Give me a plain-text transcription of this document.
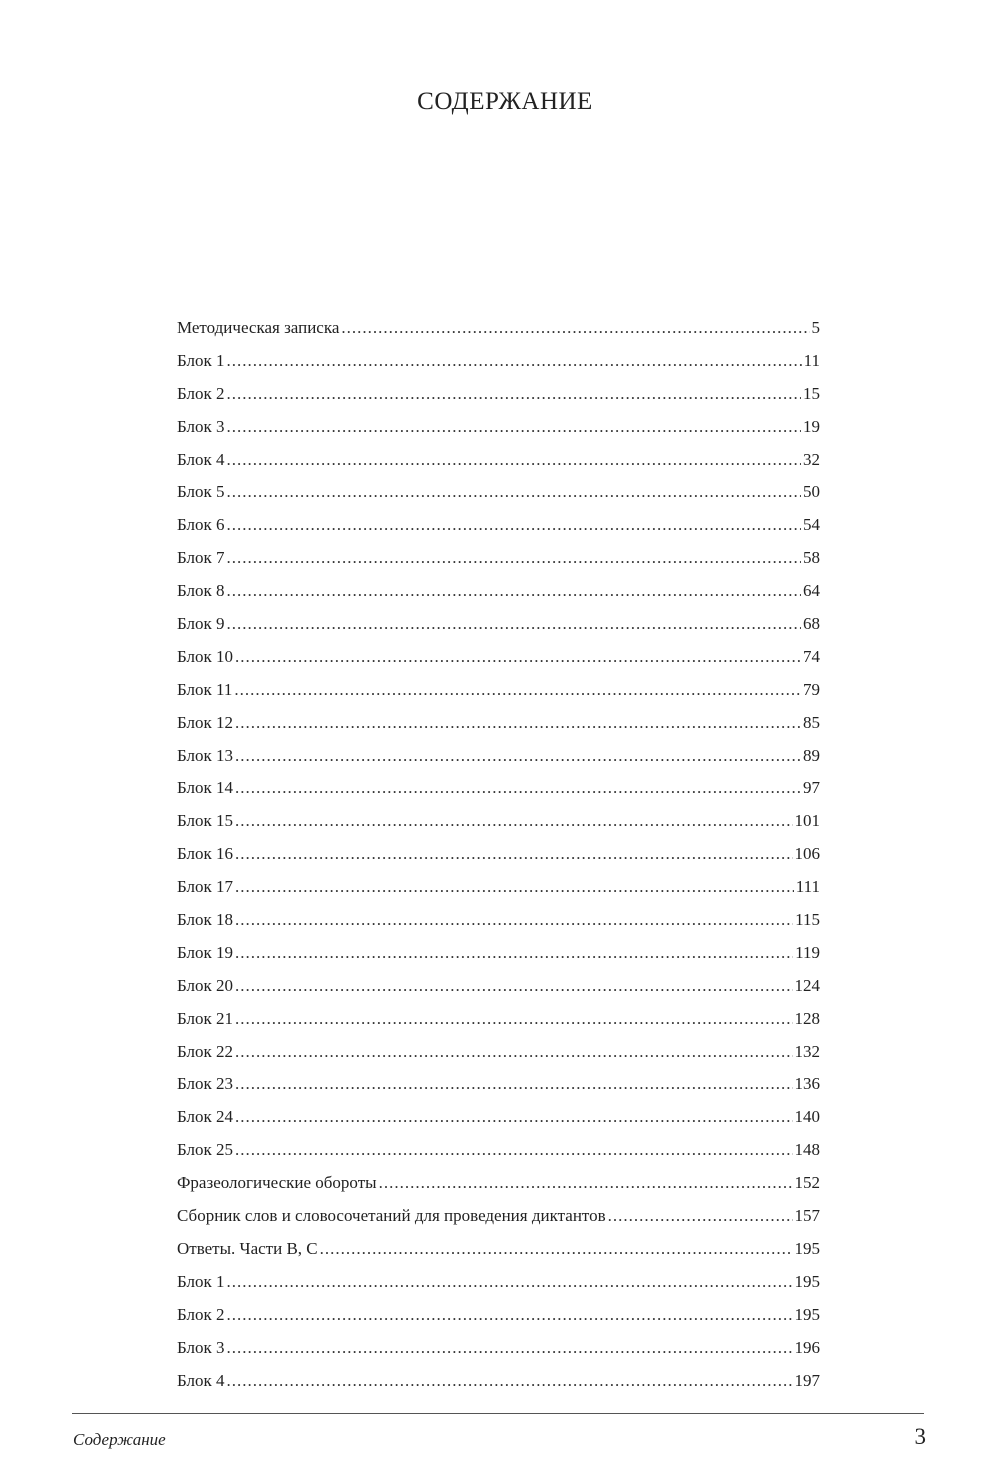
СОДЕРЖАНИЕ
Методическая записка .....	5
Блок 1 .....	11
Блок 2 .....	15
Блок 3 .....	19
Блок 4 .....	32
Блок 5 .....	50
Блок 6 .....	54
Блок 7 .....	58
Блок 8 .....	64
Блок 9 .....	68
Блок 10 .....	74
Блок 11 .....	79
Блок 12 .....	85
Блок 13 .....	89
Блок 14 .....	97
Блок 15 .....	101
Блок 16 .....	106
Блок 17 .....	111
Блок 18 .....	115
Блок 19 .....	119
Блок 20 .....	124
Блок 21 .....	128
Блок 22 .....	132
Блок 23 .....	136
Блок 24 .....	140
Блок 25 .....	148
Фразеологические обороты .....	152
Сборник слов и словосочетаний для проведения диктантов .....	157
Ответы. Части В, С .....	195
Блок 1 .....	195
Блок 2 .....	195
Блок 3 .....	196
Блок 4 .....	197
Содержание	3
